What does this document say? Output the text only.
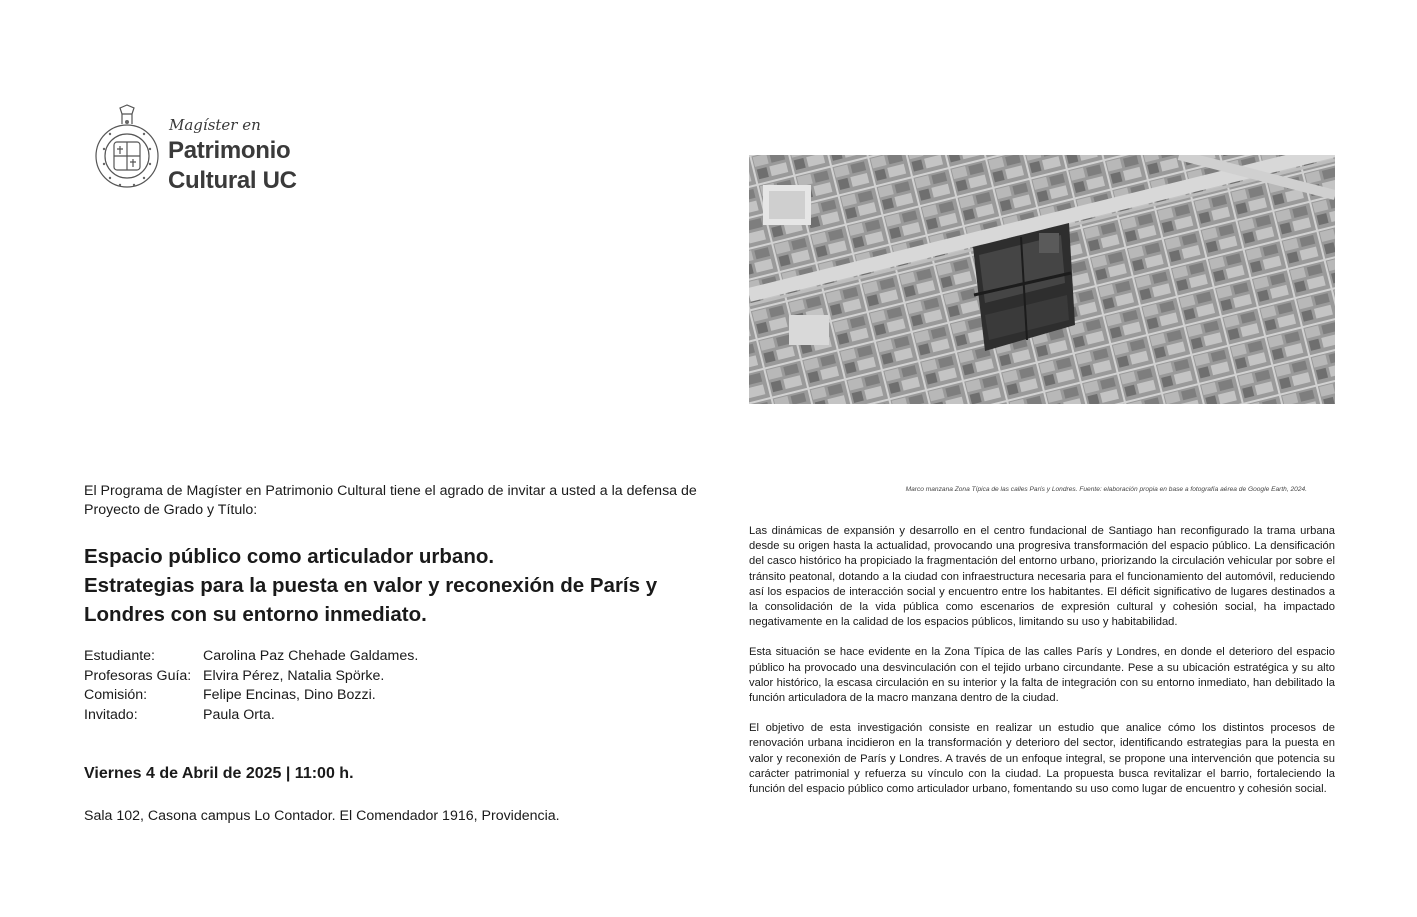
Magíster en
Patrimonio
Cultural UC
Marco manzana Zona Típica de las calles París y Londres. Fuente: elaboración propia en base a fotografía aérea de Google Earth, 2024.
El Programa de Magíster en Patrimonio Cultural tiene el agrado de invitar a usted a la defensa de Proyecto de Grado y Título:
Espacio público como articulador urbano.
Estrategias para la puesta en valor y reconexión de París y
Londres con su entorno inmediato.
Estudiante:	Carolina Paz Chehade Galdames.
Profesoras Guía: Elvira Pérez, Natalia Spörke.
Comisión:	Felipe Encinas, Dino Bozzi.
Invitado:	Paula Orta.
Viernes 4 de Abril de 2025 | 11:00 h.
Sala 102, Casona campus Lo Contador. El Comendador 1916, Providencia.

Las dinámicas de expansión y desarrollo en el centro fundacional de Santiago han reconfigurado la trama urbana desde su origen hasta la actualidad, provocando una progresiva transformación del espacio público. La densificación del casco histórico ha propiciado la fragmentación del entorno urbano, priorizando la circulación vehicular por sobre el tránsito peatonal, dotando a la ciudad con infraestructura necesaria para el funcionamiento del automóvil, reduciendo así los espacios de interacción social y encuentro entre los habitantes. El déficit significativo de lugares destinados a la consolidación de la vida pública como escenarios de expresión cultural y cohesión social, ha impactado negativamente en la calidad de los espacios públicos, limitando su uso y habitabilidad.

Esta situación se hace evidente en la Zona Típica de las calles París y Londres, en donde el deterioro del espacio público ha provocado una desvinculación con el tejido urbano circundante. Pese a su ubicación estratégica y su alto valor histórico, la escasa circulación en su interior y la falta de integración con su entorno inmediato, han debilitado la función articuladora de la macro manzana dentro de la ciudad.

El objetivo de esta investigación consiste en realizar un estudio que analice cómo los distintos procesos de renovación urbana incidieron en la transformación y deterioro del sector, identificando estrategias para la puesta en valor y reconexión de París y Londres. A través de un enfoque integral, se propone una intervención que potencia su carácter patrimonial y refuerza su vínculo con la ciudad. La propuesta busca revitalizar el barrio, fortaleciendo la función del espacio público como articulador urbano, fomentando su uso como lugar de encuentro y cohesión social.
